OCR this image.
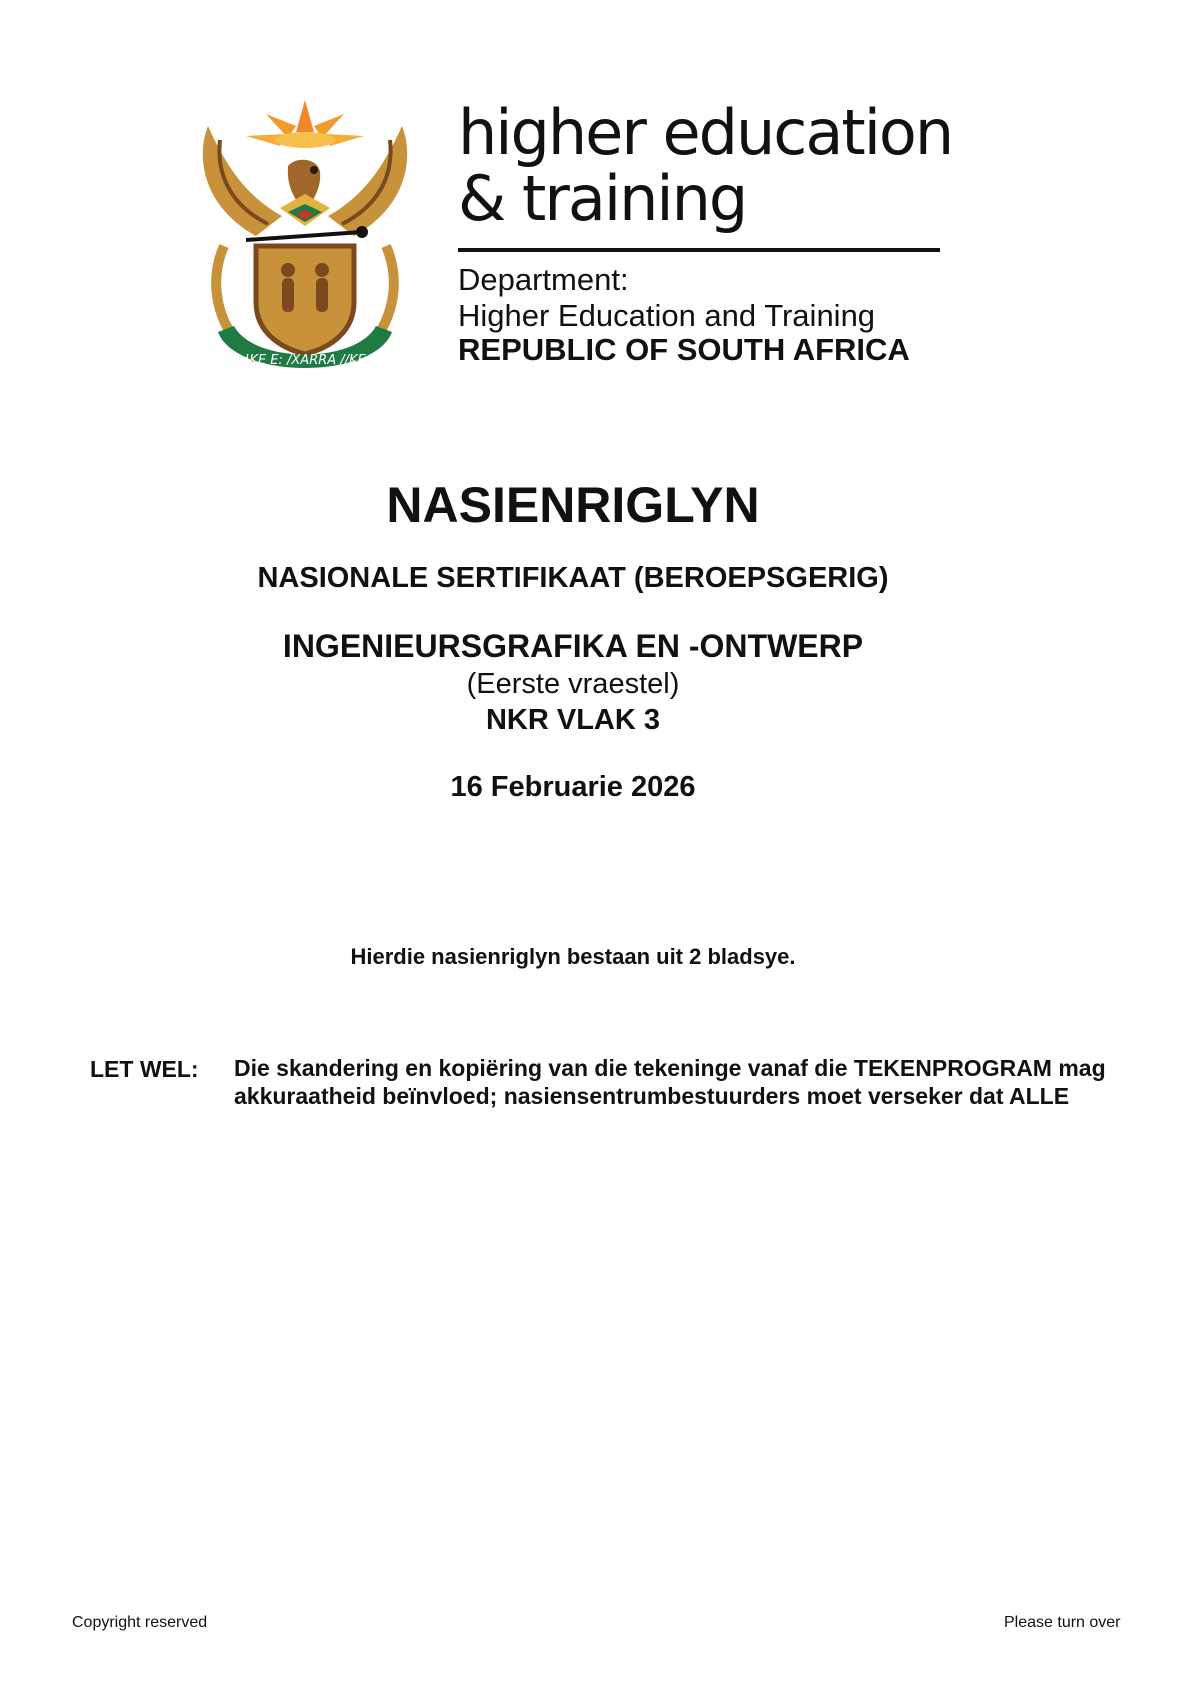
!KE E: /XARRA //KE
higher education
& training
Department:
Higher Education and Training
REPUBLIC OF SOUTH AFRICA
NASIENRIGLYN
NASIONALE SERTIFIKAAT (BEROEPSGERIG)
INGENIEURSGRAFIKA EN -ONTWERP
(Eerste vraestel)
NKR VLAK 3
16 Februarie 2026
Hierdie nasienriglyn bestaan uit 2 bladsye.
LET WEL: Die skandering en kopiëring van die tekeninge vanaf die TEKENPROGRAM mag
akkuraatheid beïnvloed; nasiensentrumbestuurders moet verseker dat ALLE
Copyright reserved	Please turn over
